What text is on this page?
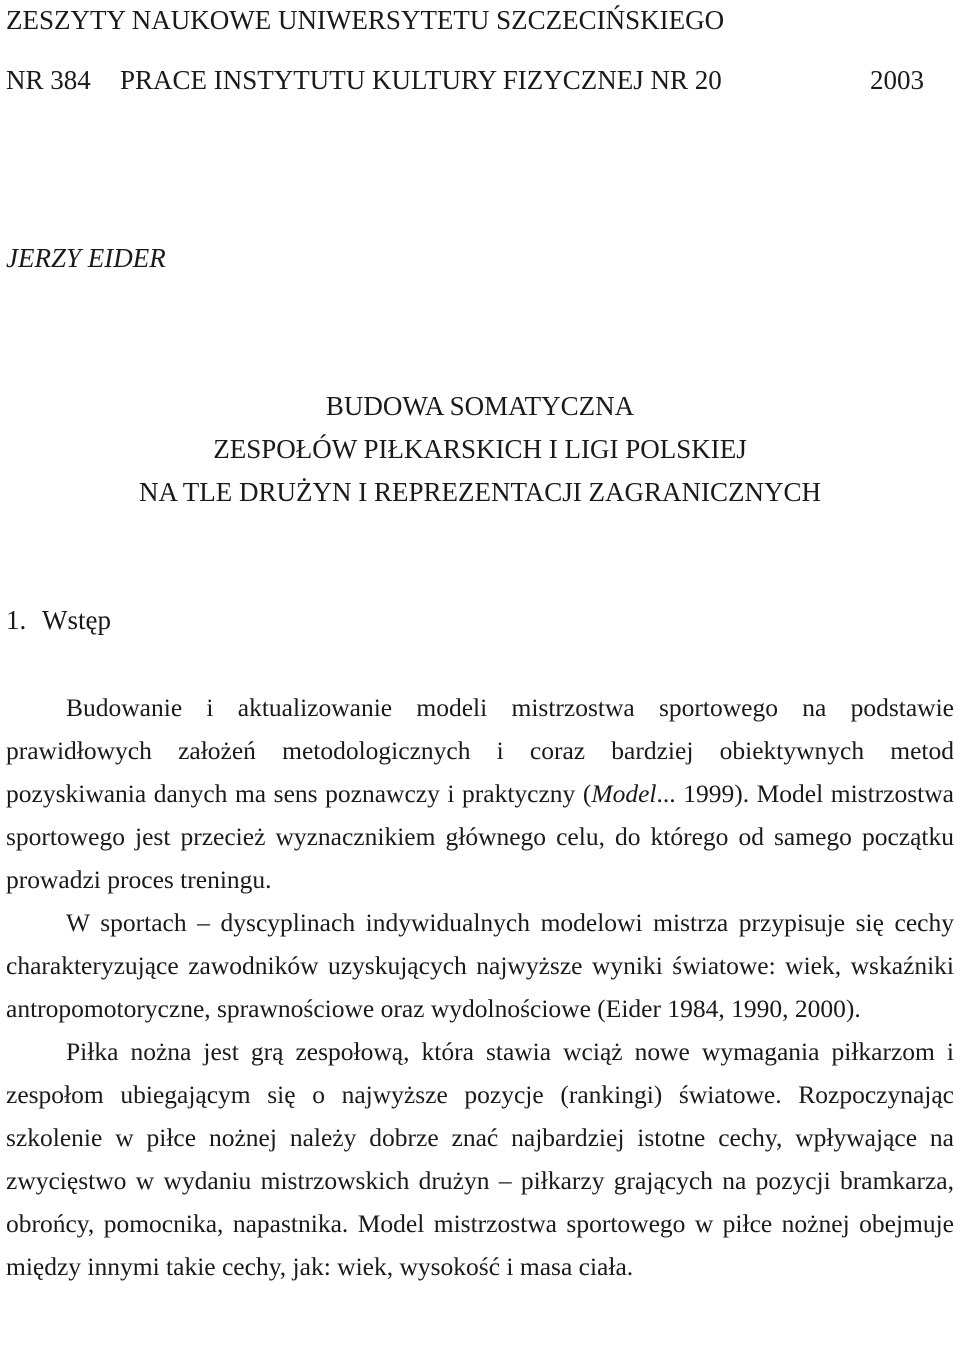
ZESZYTY NAUKOWE UNIWERSYTETU SZCZECIŃSKIEGO
NR 384	PRACE INSTYTUTU KULTURY FIZYCZNEJ NR 20	2003
JERZY EIDER
BUDOWA SOMATYCZNA
ZESPOŁÓW PIŁKARSKICH I LIGI POLSKIEJ
NA TLE DRUŻYN I REPREZENTACJI ZAGRANICZNYCH
1. Wstęp

Budowanie i aktualizowanie modeli mistrzostwa sportowego na podstawie prawidłowych założeń metodologicznych i coraz bardziej obiektywnych metod pozyskiwania danych ma sens poznawczy i praktyczny (Model... 1999). Model mistrzostwa sportowego jest przecież wyznacznikiem głównego celu, do którego od samego początku prowadzi proces treningu.

W sportach – dyscyplinach indywidualnych modelowi mistrza przypisuje się cechy charakteryzujące zawodników uzyskujących najwyższe wyniki światowe: wiek, wskaźniki antropomotoryczne, sprawnościowe oraz wydolnościowe (Eider 1984, 1990, 2000).

Piłka nożna jest grą zespołową, która stawia wciąż nowe wymagania piłkarzom i zespołom ubiegającym się o najwyższe pozycje (rankingi) światowe. Rozpoczynając szkolenie w piłce nożnej należy dobrze znać najbardziej istotne cechy, wpływające na zwycięstwo w wydaniu mistrzowskich drużyn – piłkarzy grających na pozycji bramkarza, obrońcy, pomocnika, napastnika. Model mistrzostwa sportowego w piłce nożnej obejmuje między innymi takie cechy, jak: wiek, wysokość i masa ciała.
